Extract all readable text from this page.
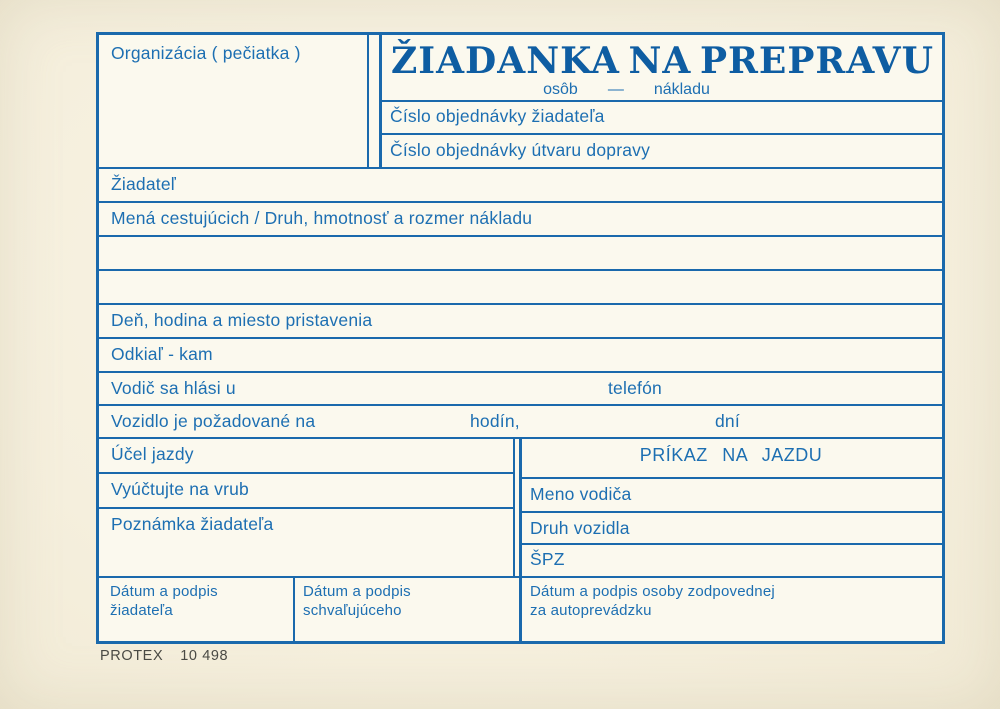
Organizácia ( pečiatka )	ŽIADANKA NA PREPRAVU
osôb — nákladu
Číslo objednávky žiadateľa
Číslo objednávky útvaru dopravy
Žiadateľ
Mená cestujúcich / Druh, hmotnosť a rozmer nákladu
Deň, hodina a miesto pristavenia
Odkiaľ - kam
Vodič sa hlási u	telefón
Vozidlo je požadované na	hodín,	dní
Účel jazdy
Vyúčtujte na vrub
Poznámka žiadateľa
PRÍKAZ NA JAZDU
Meno vodiča
Druh vozidla
ŠPZ
Dátum a podpis
žiadateľa
Dátum a podpis
schvaľujúceho
Dátum a podpis osoby zodpovednej
za autoprevádzku
PROTEX 10 498
